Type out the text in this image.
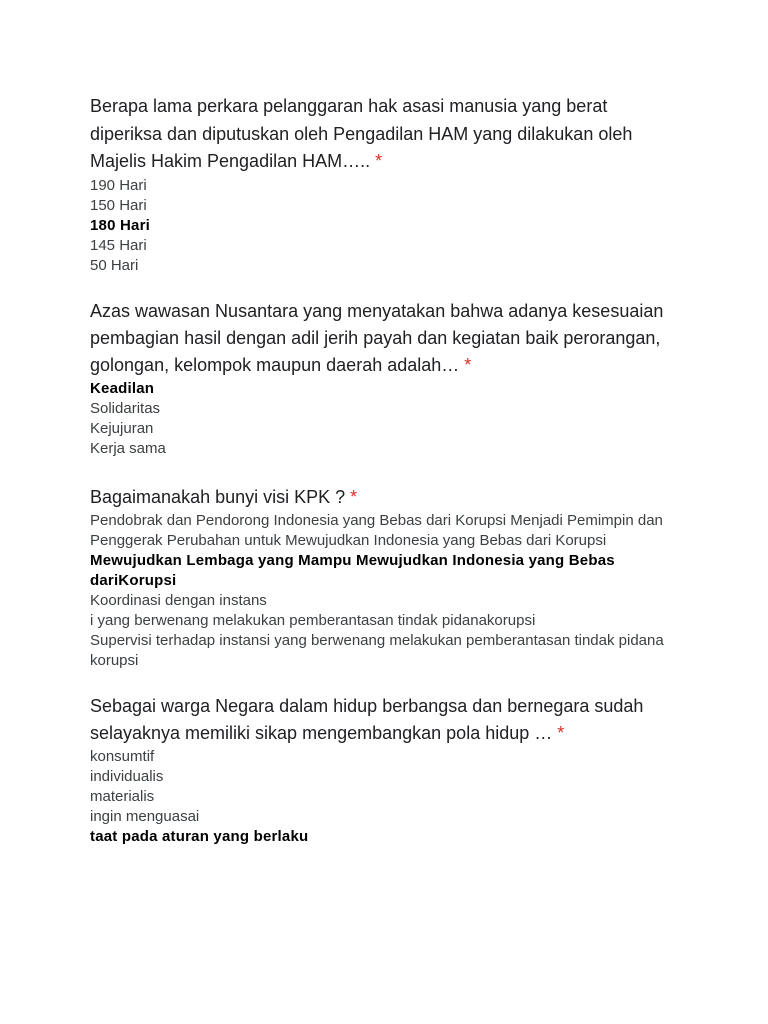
Berapa lama perkara pelanggaran hak asasi manusia yang berat diperiksa dan diputuskan oleh Pengadilan HAM yang dilakukan oleh Majelis Hakim Pengadilan HAM….. *

190 Hari
150 Hari
180 Hari
145 Hari
50 Hari

Azas wawasan Nusantara yang menyatakan bahwa adanya kesesuaian pembagian hasil dengan adil jerih payah dan kegiatan baik perorangan, golongan, kelompok maupun daerah adalah… *

Keadilan
Solidaritas
Kejujuran
Kerja sama

Bagaimanakah bunyi visi KPK ? *

Pendobrak dan Pendorong Indonesia yang Bebas dari Korupsi Menjadi Pemimpin dan Penggerak Perubahan untuk Mewujudkan Indonesia yang Bebas dari Korupsi
Mewujudkan Lembaga yang Mampu Mewujudkan Indonesia yang Bebas dariKorupsi
Koordinasi dengan instans
i yang berwenang melakukan pemberantasan tindak pidanakorupsi
Supervisi terhadap instansi yang berwenang melakukan pemberantasan tindak pidana korupsi

Sebagai warga Negara dalam hidup berbangsa dan bernegara sudah selayaknya memiliki sikap mengembangkan pola hidup … *

konsumtif
individualis
materialis
ingin menguasai
taat pada aturan yang berlaku
